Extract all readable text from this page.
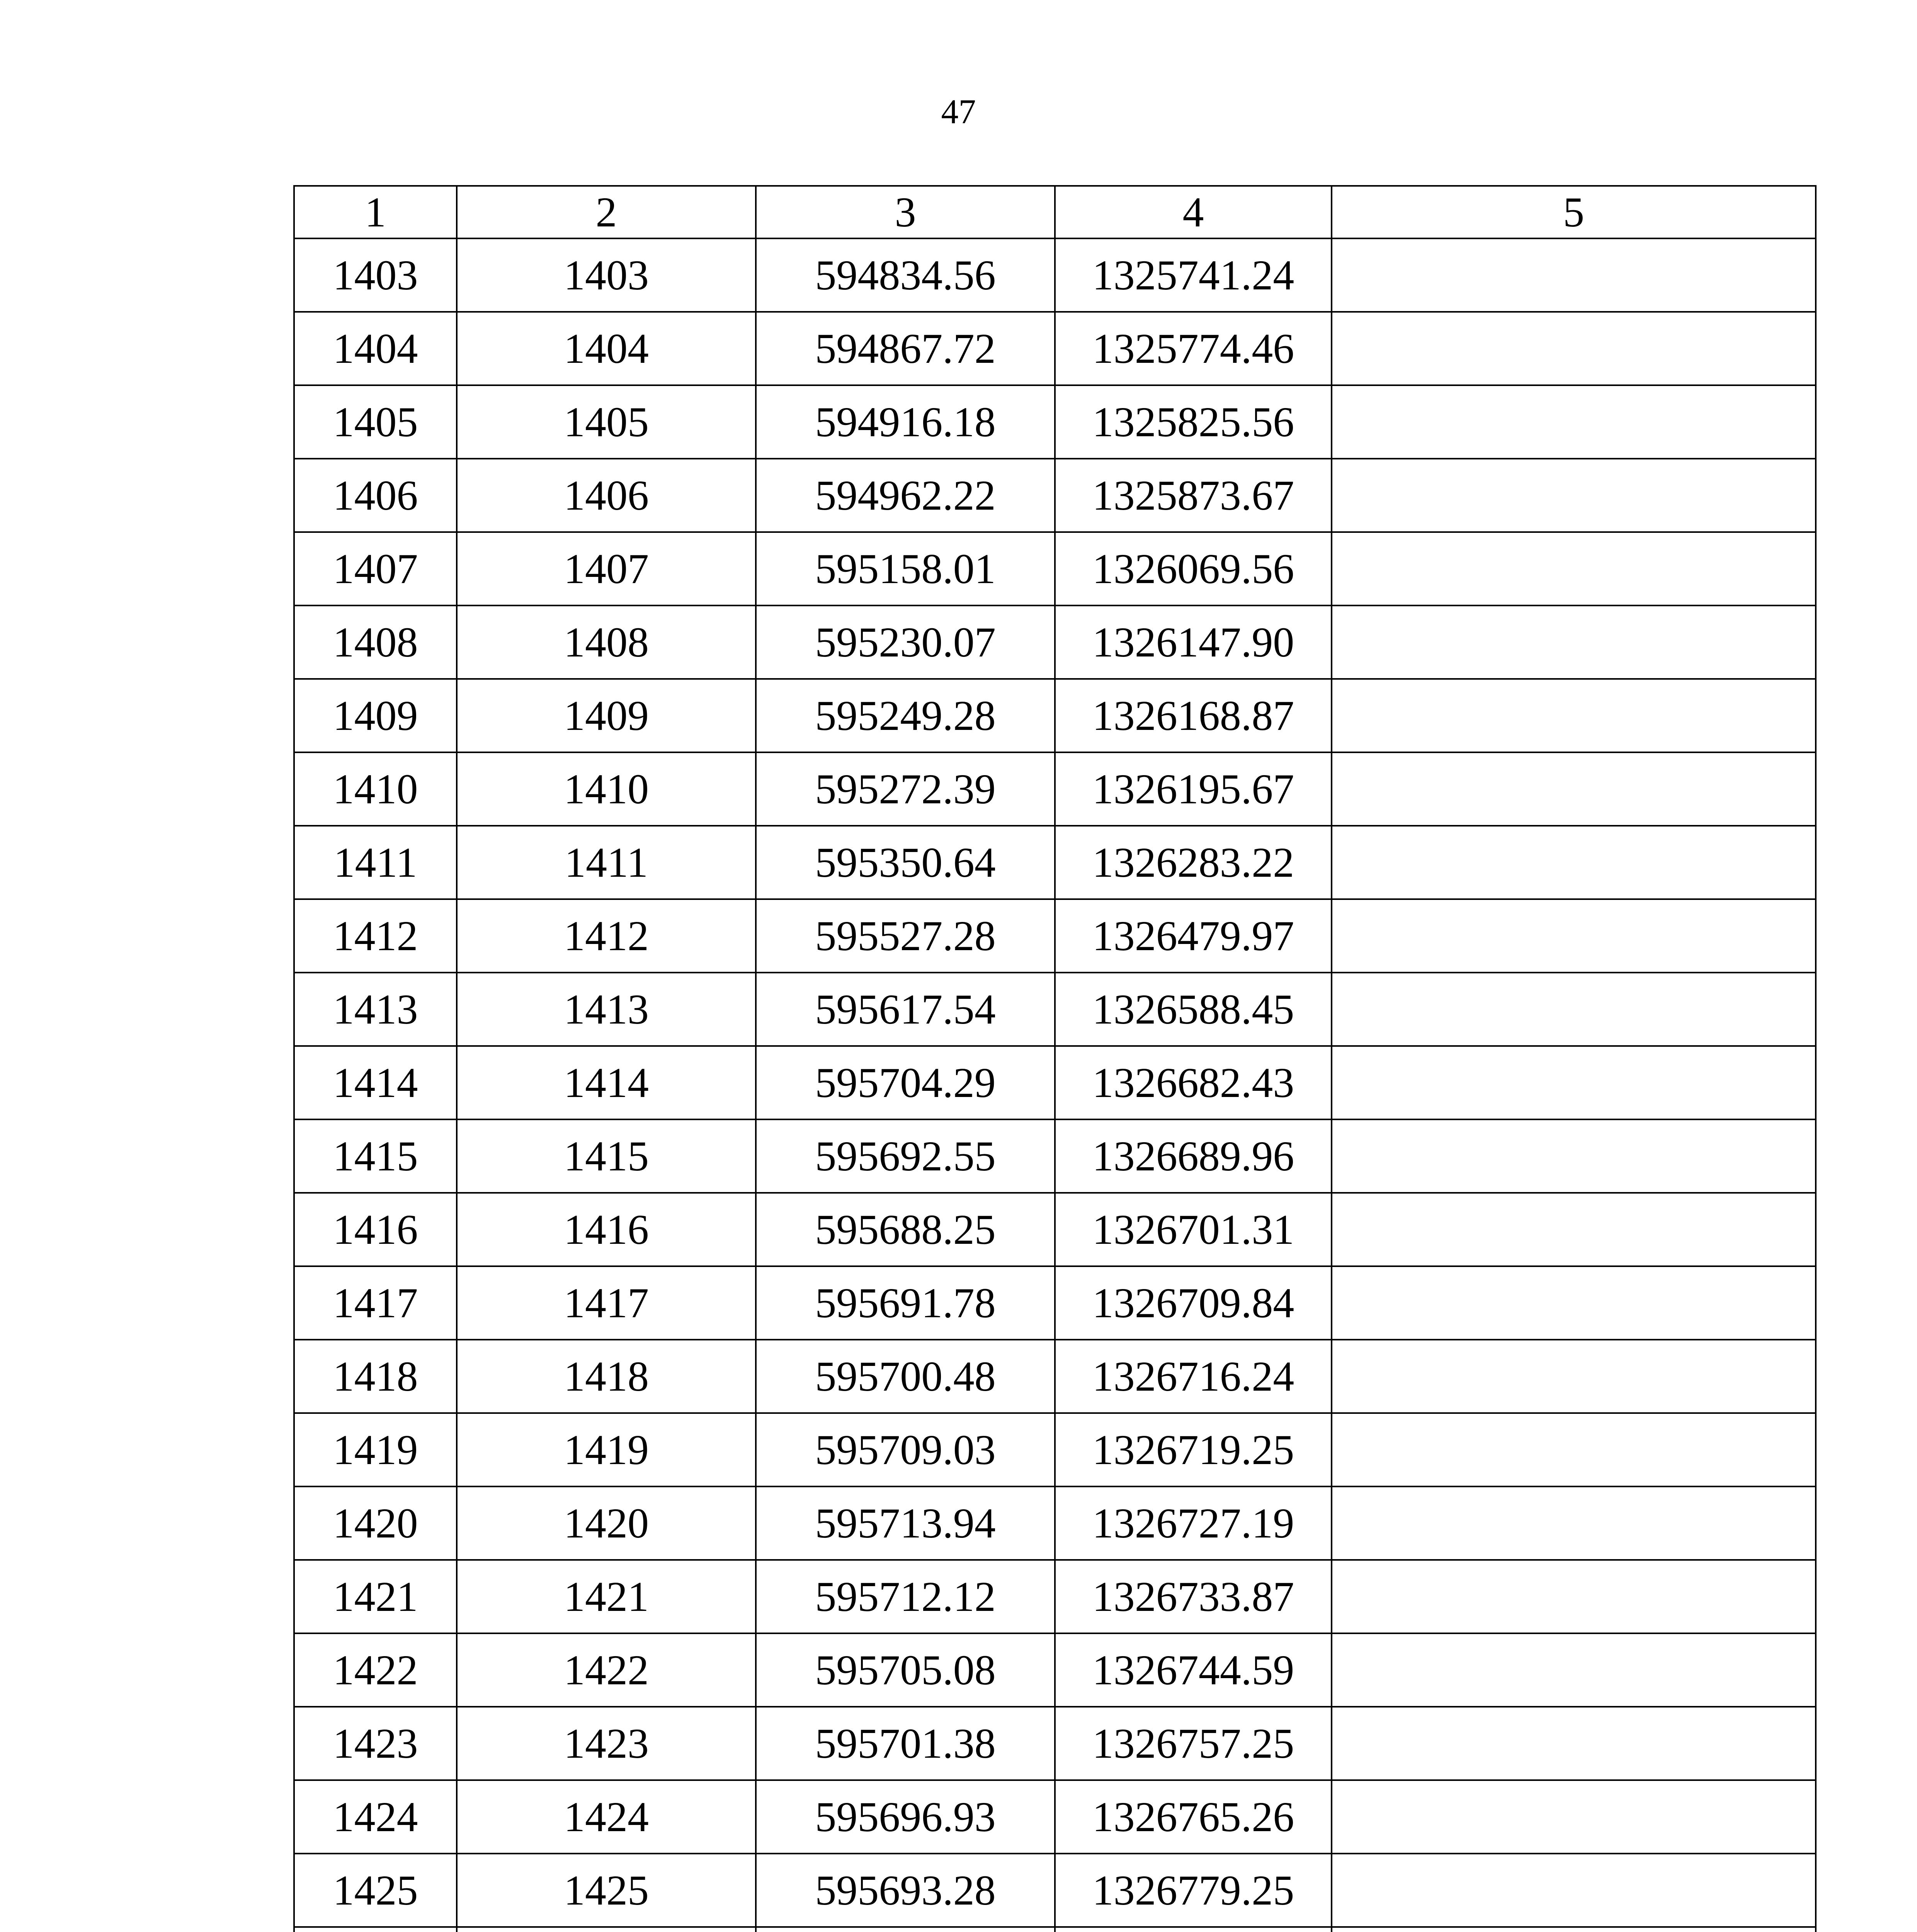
47
1	2	3	4	5
1403	1403	594834.56	1325741.24	
1404	1404	594867.72	1325774.46	
1405	1405	594916.18	1325825.56	
1406	1406	594962.22	1325873.67	
1407	1407	595158.01	1326069.56	
1408	1408	595230.07	1326147.90	
1409	1409	595249.28	1326168.87	
1410	1410	595272.39	1326195.67	
1411	1411	595350.64	1326283.22	
1412	1412	595527.28	1326479.97	
1413	1413	595617.54	1326588.45	
1414	1414	595704.29	1326682.43	
1415	1415	595692.55	1326689.96	
1416	1416	595688.25	1326701.31	
1417	1417	595691.78	1326709.84	
1418	1418	595700.48	1326716.24	
1419	1419	595709.03	1326719.25	
1420	1420	595713.94	1326727.19	
1421	1421	595712.12	1326733.87	
1422	1422	595705.08	1326744.59	
1423	1423	595701.38	1326757.25	
1424	1424	595696.93	1326765.26	
1425	1425	595693.28	1326779.25	
